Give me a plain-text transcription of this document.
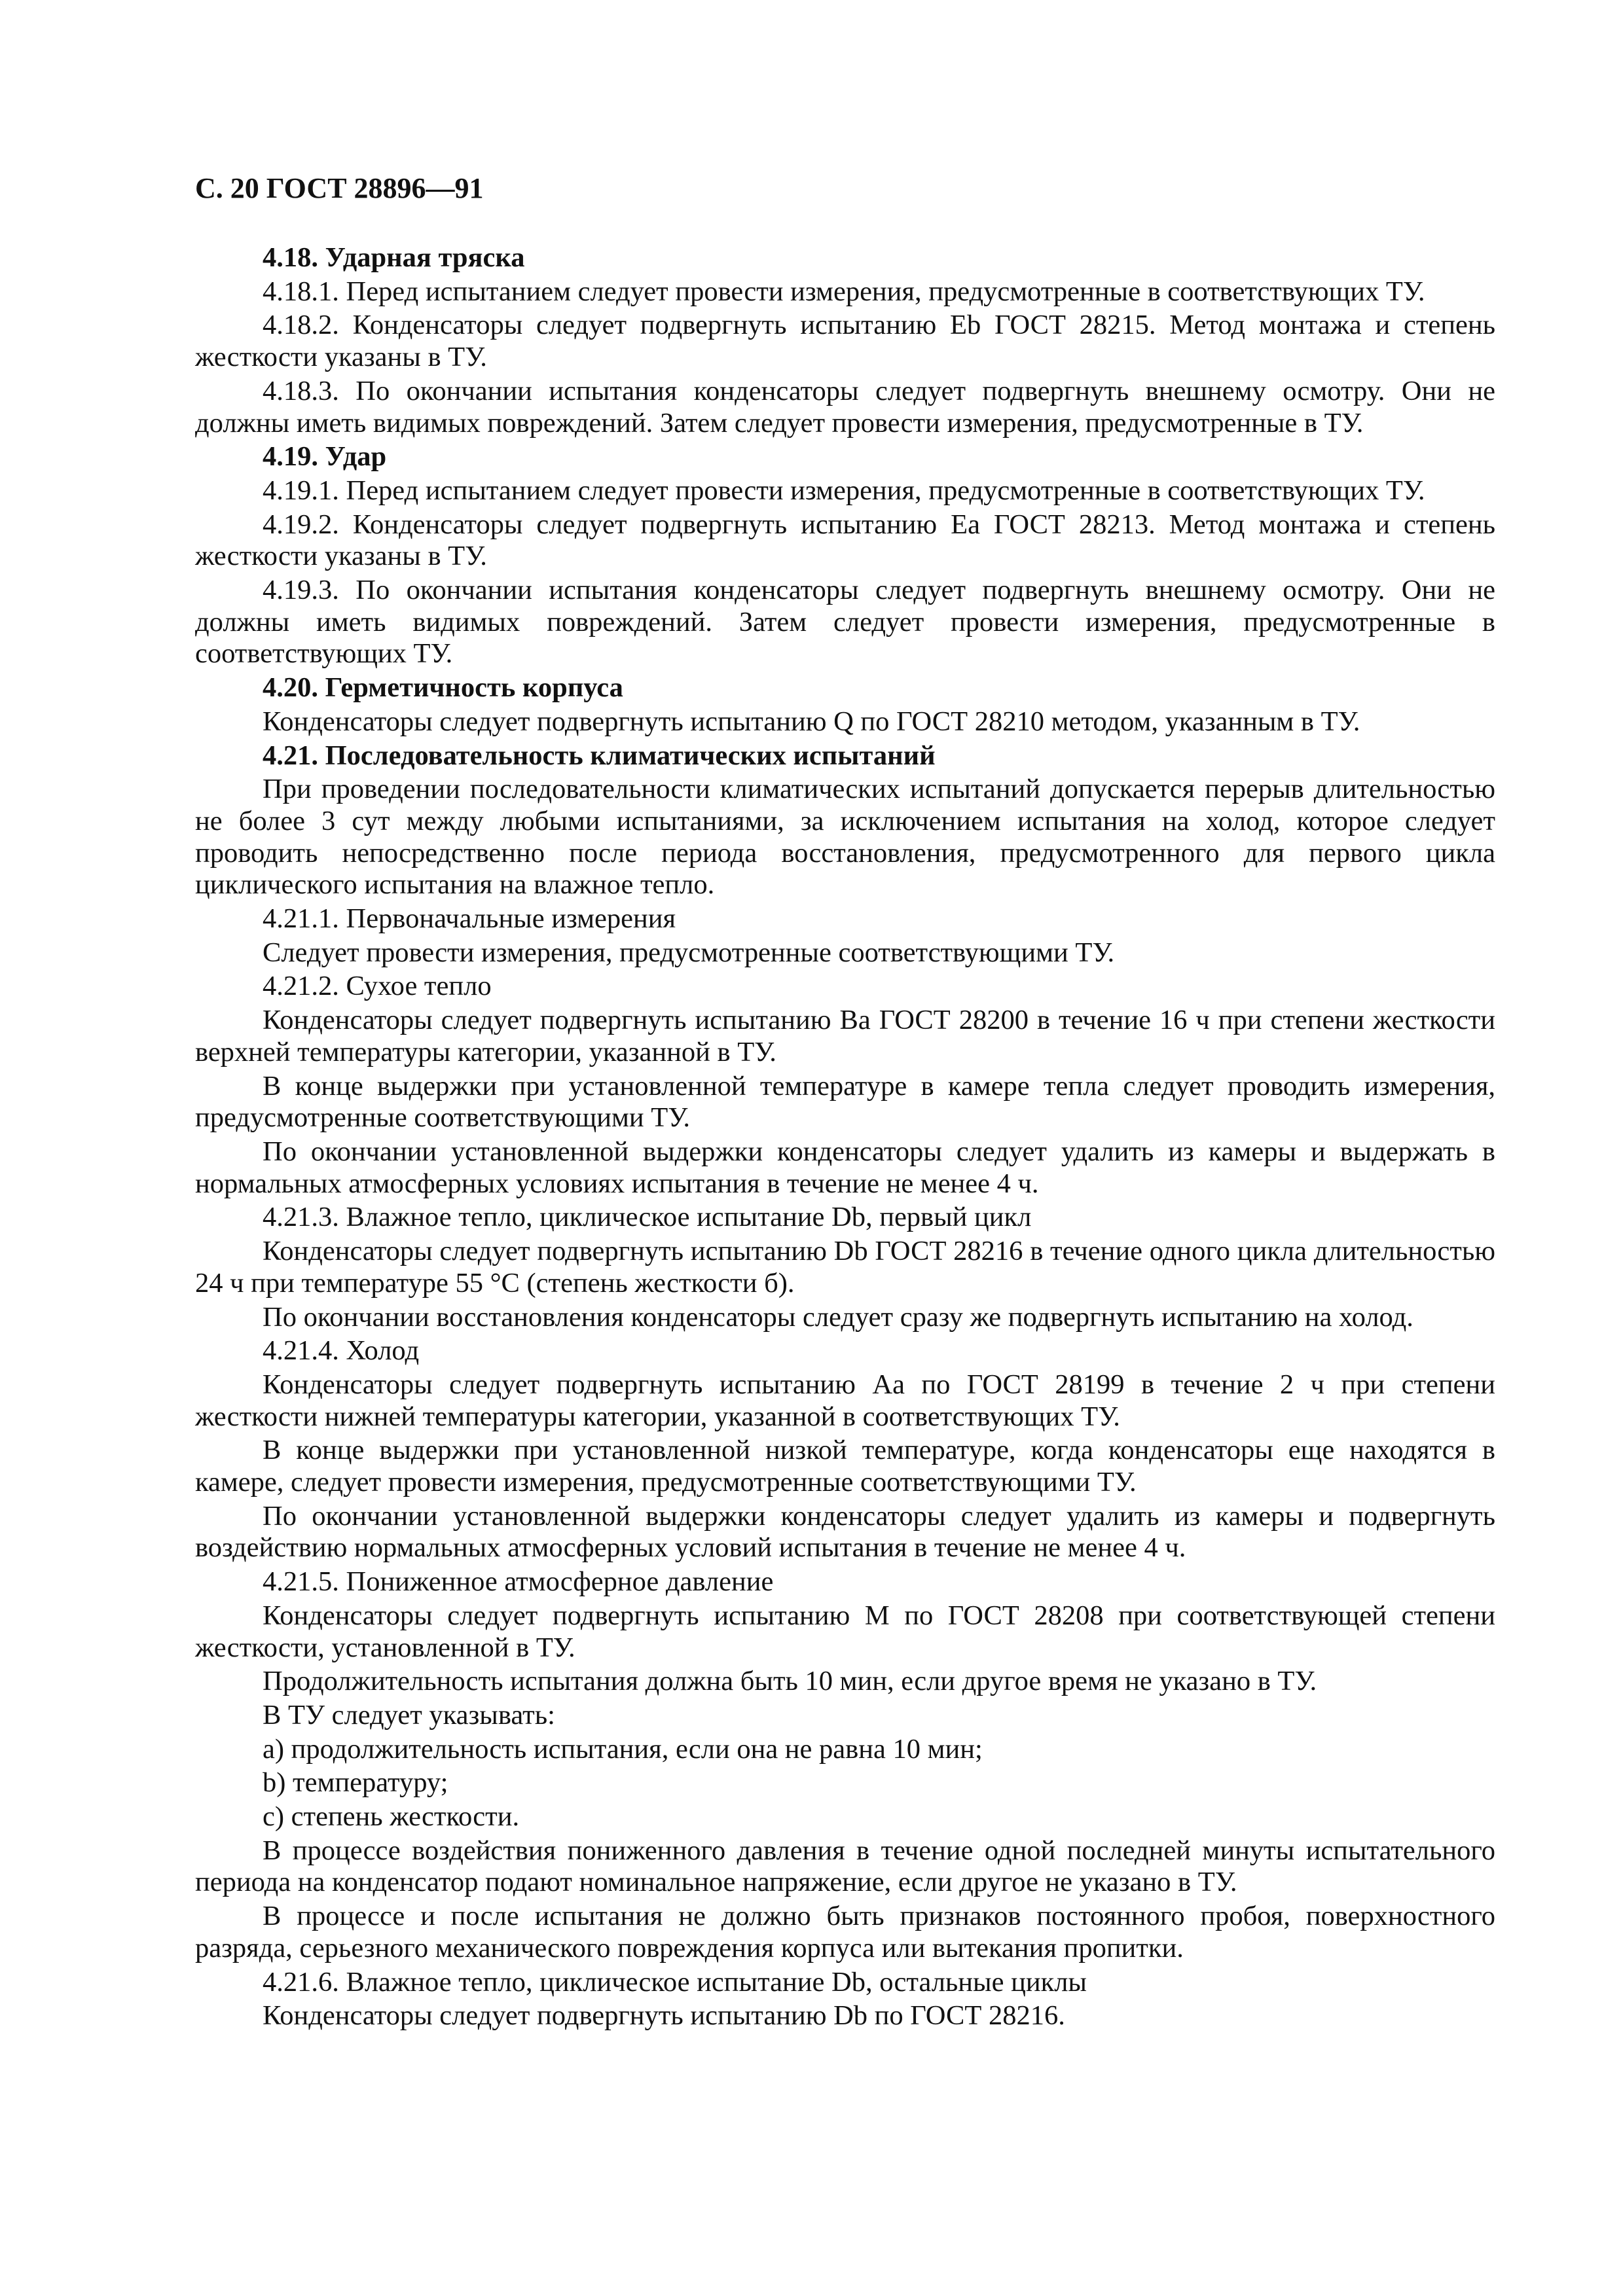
С. 20 ГОСТ 28896—91

4.18. Ударная тряска

4.18.1. Перед испытанием следует провести измерения, предусмотренные в соответствующих ТУ.

4.18.2. Конденсаторы следует подвергнуть испытанию Eb ГОСТ 28215. Метод монтажа и степень жесткости указаны в ТУ.

4.18.3. По окончании испытания конденсаторы следует подвергнуть внешнему осмотру. Они не должны иметь видимых повреждений. Затем следует провести измерения, предусмотренные в ТУ.

4.19. Удар

4.19.1. Перед испытанием следует провести измерения, предусмотренные в соответствующих ТУ.

4.19.2. Конденсаторы следует подвергнуть испытанию Ea ГОСТ 28213. Метод монтажа и степень жесткости указаны в ТУ.

4.19.3. По окончании испытания конденсаторы следует подвергнуть внешнему осмотру. Они не должны иметь видимых повреждений. Затем следует провести измерения, предусмотренные в соответствующих ТУ.

4.20. Герметичность корпуса

Конденсаторы следует подвергнуть испытанию Q по ГОСТ 28210 методом, указанным в ТУ.

4.21. Последовательность климатических испытаний

При проведении последовательности климатических испытаний допускается перерыв длительностью не более 3 сут между любыми испытаниями, за исключением испытания на холод, которое следует проводить непосредственно после периода восстановления, предусмотренного для первого цикла циклического испытания на влажное тепло.

4.21.1. Первоначальные измерения

Следует провести измерения, предусмотренные соответствующими ТУ.

4.21.2. Сухое тепло

Конденсаторы следует подвергнуть испытанию Ba ГОСТ 28200 в течение 16 ч при степени жесткости верхней температуры категории, указанной в ТУ.

В конце выдержки при установленной температуре в камере тепла следует проводить измерения, предусмотренные соответствующими ТУ.

По окончании установленной выдержки конденсаторы следует удалить из камеры и выдержать в нормальных атмосферных условиях испытания в течение не менее 4 ч.

4.21.3. Влажное тепло, циклическое испытание Db, первый цикл

Конденсаторы следует подвергнуть испытанию Db ГОСТ 28216 в течение одного цикла длительностью 24 ч при температуре 55 °С (степень жесткости б).

По окончании восстановления конденсаторы следует сразу же подвергнуть испытанию на холод.

4.21.4. Холод

Конденсаторы следует подвергнуть испытанию Aa по ГОСТ 28199 в течение 2 ч при степени жесткости нижней температуры категории, указанной в соответствующих ТУ.

В конце выдержки при установленной низкой температуре, когда конденсаторы еще находятся в камере, следует провести измерения, предусмотренные соответствующими ТУ.

По окончании установленной выдержки конденсаторы следует удалить из камеры и подвергнуть воздействию нормальных атмосферных условий испытания в течение не менее 4 ч.

4.21.5. Пониженное атмосферное давление

Конденсаторы следует подвергнуть испытанию М по ГОСТ 28208 при соответствующей степени жесткости, установленной в ТУ.

Продолжительность испытания должна быть 10 мин, если другое время не указано в ТУ.

В ТУ следует указывать:

а) продолжительность испытания, если она не равна 10 мин;

b) температуру;

с) степень жесткости.

В процессе воздействия пониженного давления в течение одной последней минуты испытательного периода на конденсатор подают номинальное напряжение, если другое не указано в ТУ.

В процессе и после испытания не должно быть признаков постоянного пробоя, поверхностного разряда, серьезного механического повреждения корпуса или вытекания пропитки.

4.21.6. Влажное тепло, циклическое испытание Db, остальные циклы

Конденсаторы следует подвергнуть испытанию Db по ГОСТ 28216.
